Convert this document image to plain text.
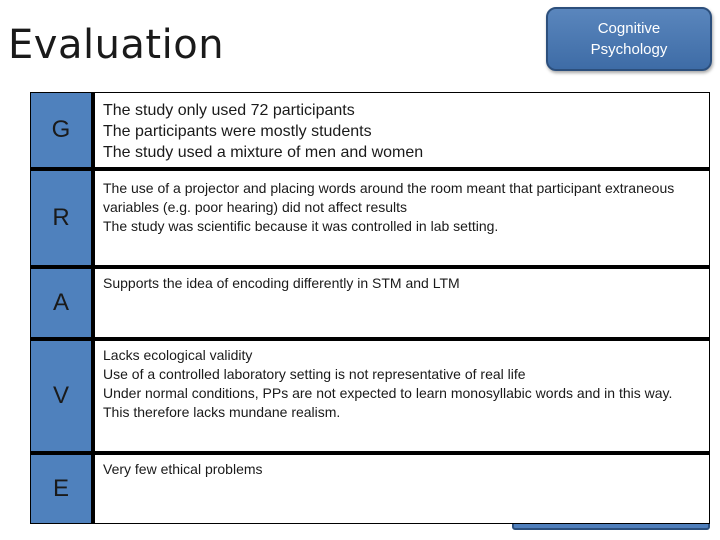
Evaluation	Cognitive
Psychology
G
The study only used 72 participants
The participants were mostly students
The study used a mixture of men and women
R
The use of a projector and placing words around the room meant that participant extraneous variables (e.g. poor hearing) did not affect results
The study was scientific because it was controlled in lab setting.
A
Supports the idea of encoding differently in STM and LTM
V
Lacks ecological validity
Use of a controlled laboratory setting is not representative of real life
Under normal conditions, PPs are not expected to learn monosyllabic words and in this way. This therefore lacks mundane realism.
E
Very few ethical problems
